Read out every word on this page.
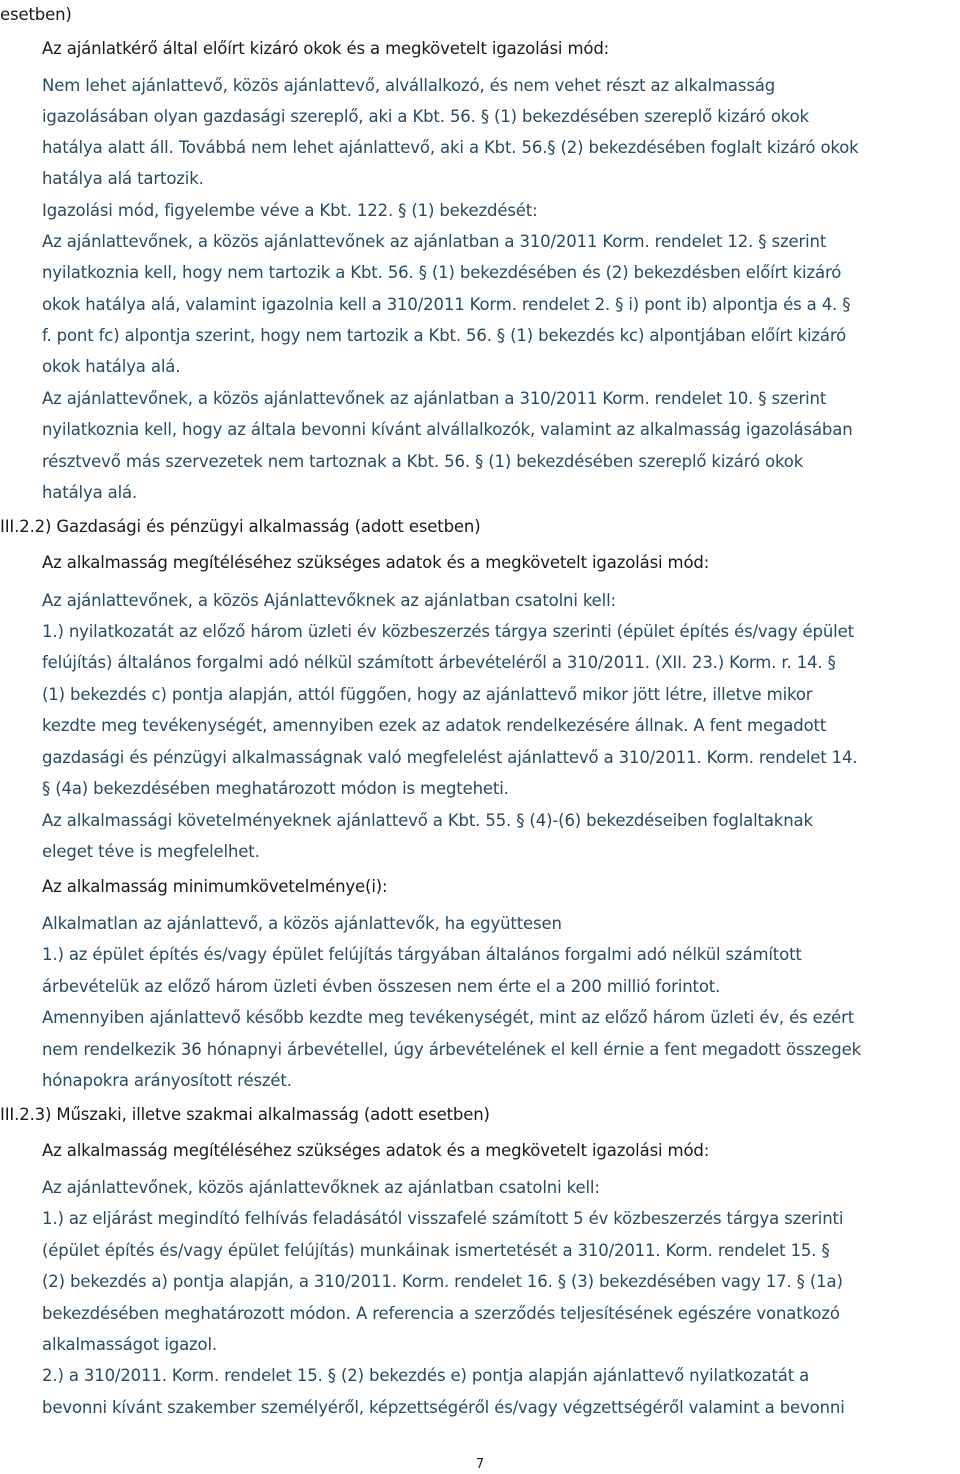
esetben)
Az ajánlatkérő által előírt kizáró okok és a megkövetelt igazolási mód:
Nem lehet ajánlattevő, közös ajánlattevő, alvállalkozó, és nem vehet részt az alkalmasság
igazolásában olyan gazdasági szereplő, aki a Kbt. 56. § (1) bekezdésében szereplő kizáró okok
hatálya alatt áll. Továbbá nem lehet ajánlattevő, aki a Kbt. 56.§ (2) bekezdésében foglalt kizáró okok
hatálya alá tartozik.
Igazolási mód, figyelembe véve a Kbt. 122. § (1) bekezdését:
Az ajánlattevőnek, a közös ajánlattevőnek az ajánlatban a 310/2011 Korm. rendelet 12. § szerint
nyilatkoznia kell, hogy nem tartozik a Kbt. 56. § (1) bekezdésében és (2) bekezdésben előírt kizáró
okok hatálya alá, valamint igazolnia kell a 310/2011 Korm. rendelet 2. § i) pont ib) alpontja és a 4. §
f. pont fc) alpontja szerint, hogy nem tartozik a Kbt. 56. § (1) bekezdés kc) alpontjában előírt kizáró
okok hatálya alá.
Az ajánlattevőnek, a közös ajánlattevőnek az ajánlatban a 310/2011 Korm. rendelet 10. § szerint
nyilatkoznia kell, hogy az általa bevonni kívánt alvállalkozók, valamint az alkalmasság igazolásában
résztvevő más szervezetek nem tartoznak a Kbt. 56. § (1) bekezdésében szereplő kizáró okok
hatálya alá.
III.2.2) Gazdasági és pénzügyi alkalmasság (adott esetben)
Az alkalmasság megítéléséhez szükséges adatok és a megkövetelt igazolási mód:
Az ajánlattevőnek, a közös Ajánlattevőknek az ajánlatban csatolni kell:
1.) nyilatkozatát az előző három üzleti év közbeszerzés tárgya szerinti (épület építés és/vagy épület
felújítás) általános forgalmi adó nélkül számított árbevételéről a 310/2011. (XII. 23.) Korm. r. 14. §
(1) bekezdés c) pontja alapján, attól függően, hogy az ajánlattevő mikor jött létre, illetve mikor
kezdte meg tevékenységét, amennyiben ezek az adatok rendelkezésére állnak. A fent megadott
gazdasági és pénzügyi alkalmasságnak való megfelelést ajánlattevő a 310/2011. Korm. rendelet 14.
§ (4a) bekezdésében meghatározott módon is megteheti.
Az alkalmassági követelményeknek ajánlattevő a Kbt. 55. § (4)-(6) bekezdéseiben foglaltaknak
eleget téve is megfelelhet.
Az alkalmasság minimumkövetelménye(i):
Alkalmatlan az ajánlattevő, a közös ajánlattevők, ha együttesen
1.) az épület építés és/vagy épület felújítás tárgyában általános forgalmi adó nélkül számított
árbevételük az előző három üzleti évben összesen nem érte el a 200 millió forintot.
Amennyiben ajánlattevő később kezdte meg tevékenységét, mint az előző három üzleti év, és ezért
nem rendelkezik 36 hónapnyi árbevétellel, úgy árbevételének el kell érnie a fent megadott összegek
hónapokra arányosított részét.
III.2.3) Műszaki, illetve szakmai alkalmasság (adott esetben)
Az alkalmasság megítéléséhez szükséges adatok és a megkövetelt igazolási mód:
Az ajánlattevőnek, közös ajánlattevőknek az ajánlatban csatolni kell:
1.) az eljárást megindító felhívás feladásától visszafelé számított 5 év közbeszerzés tárgya szerinti
(épület építés és/vagy épület felújítás) munkáinak ismertetését a 310/2011. Korm. rendelet 15. §
(2) bekezdés a) pontja alapján, a 310/2011. Korm. rendelet 16. § (3) bekezdésében vagy 17. § (1a)
bekezdésében meghatározott módon. A referencia a szerződés teljesítésének egészére vonatkozó
alkalmasságot igazol.
2.) a 310/2011. Korm. rendelet 15. § (2) bekezdés e) pontja alapján ajánlattevő nyilatkozatát a
bevonni kívánt szakember személyéről, képzettségéről és/vagy végzettségéről valamint a bevonni
7
